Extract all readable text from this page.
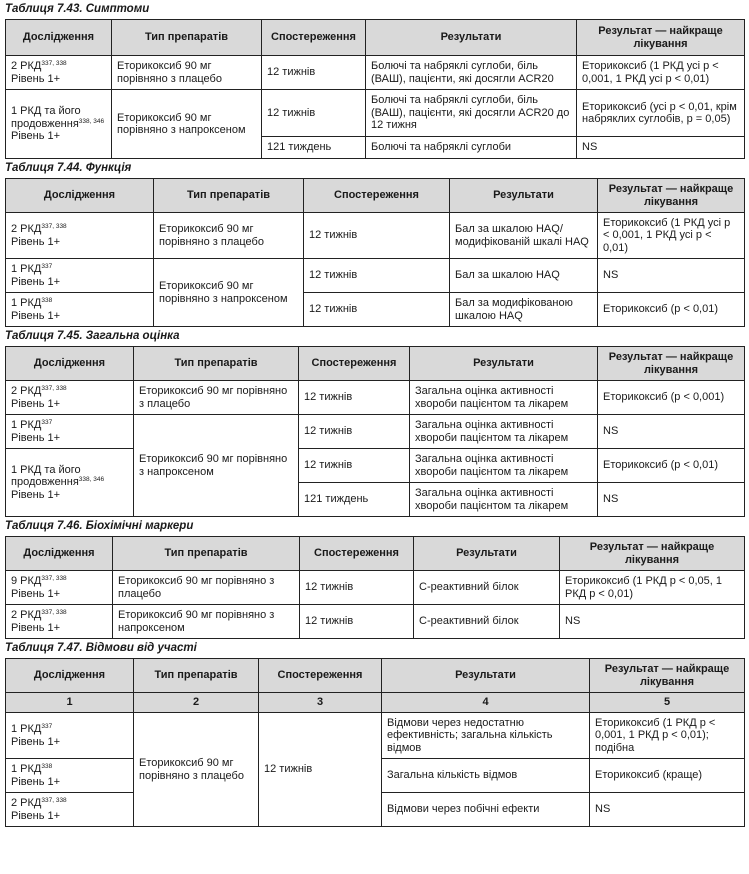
Таблиця 7.43. Симптоми
Дослідження	Тип препаратів	Спостереження	Результати	Результат — найкраще лікування
2 РКД$^{337, 338}$
Рівень 1+	Еторикоксиб 90 мг порівняно з плацебо	12 тижнів	Болючі та набряклі суглоби, біль (ВАШ), пацієнти, які досягли ACR20	Еторикоксиб (1 РКД усі p < 0,001, 1 РКД усі p < 0,01)
1 РКД та його продовження$^{338, 346}$
Рівень 1+	Еторикоксиб 90 мг порівняно з напроксеном	12 тижнів	Болючі та набряклі суглоби, біль (ВАШ), пацієнти, які досягли ACR20 до 12 тижня	Еторикоксиб (усі p < 0,01, крім набряклих суглобів, p = 0,05)
		121 тиждень	Болючі та набряклі суглоби	NS
Таблиця 7.44. Функція
Дослідження	Тип препаратів	Спостереження	Результати	Результат — найкраще лікування
2 РКД$^{337, 338}$
Рівень 1+	Еторикоксиб 90 мг порівняно з плацебо	12 тижнів	Бал за шкалою HAQ/модифікованій шкалі HAQ	Еторикоксиб (1 РКД усі p < 0,001, 1 РКД усі p < 0,01)
1 РКД$^{337}$
Рівень 1+	Еторикоксиб 90 мг порівняно з напроксеном	12 тижнів	Бал за шкалою HAQ	NS
1 РКД$^{338}$
Рівень 1+		12 тижнів	Бал за модифікованою шкалою HAQ	Еторикоксиб (p < 0,01)
Таблиця 7.45. Загальна оцінка
Дослідження	Тип препаратів	Спостереження	Результати	Результат — найкраще лікування
2 РКД$^{337, 338}$
Рівень 1+	Еторикоксиб 90 мг порівняно з плацебо	12 тижнів	Загальна оцінка активності хвороби пацієнтом та лікарем	Еторикоксиб (p < 0,001)
1 РКД$^{337}$
Рівень 1+	Еторикоксиб 90 мг порівняно з напроксеном	12 тижнів	Загальна оцінка активності хвороби пацієнтом та лікарем	NS
1 РКД та його продовження$^{338, 346}$
Рівень 1+		12 тижнів	Загальна оцінка активності хвороби пацієнтом та лікарем	Еторикоксиб (p < 0,01)
		121 тиждень	Загальна оцінка активності хвороби пацієнтом та лікарем	NS
Таблиця 7.46. Біохімічні маркери
Дослідження	Тип препаратів	Спостереження	Результати	Результат — найкраще лікування
9 РКД$^{337, 338}$
Рівень 1+	Еторикоксиб 90 мг порівняно з плацебо	12 тижнів	С-реактивний білок	Еторикоксиб (1 РКД p < 0,05, 1 РКД p < 0,01)
2 РКД$^{337, 338}$
Рівень 1+	Еторикоксиб 90 мг порівняно з напроксеном	12 тижнів	С-реактивний білок	NS
Таблиця 7.47. Відмови від участі
Дослідження	Тип препаратів	Спостереження	Результати	Результат — найкраще лікування
1	2	3	4	5
1 РКД$^{337}$
Рівень 1+	Еторикоксиб 90 мг порівняно з плацебо	12 тижнів	Відмови через недостатню ефективність; загальна кількість відмов	Еторикоксиб (1 РКД p < 0,001, 1 РКД p < 0,01); подібна
1 РКД$^{338}$
Рівень 1+			Загальна кількість відмов	Еторикоксиб (краще)
2 РКД$^{337, 338}$
Рівень 1+			Відмови через побічні ефекти	NS
